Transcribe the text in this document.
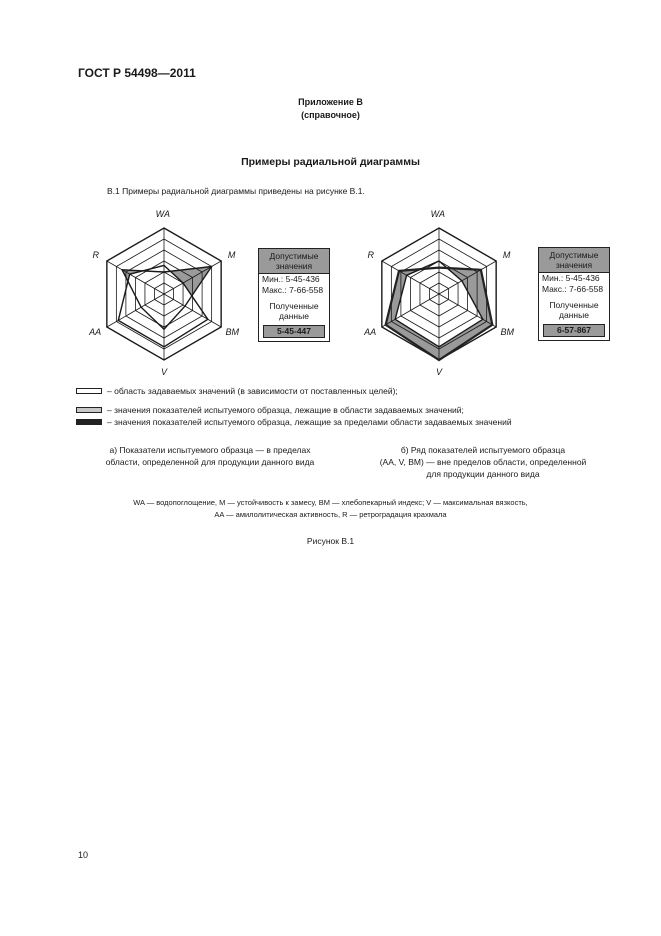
ГОСТ Р 54498—2011
Приложение В
(справочное)
Примеры радиальной диаграммы
В.1 Примеры радиальной диаграммы приведены на рисунке В.1.
WA
M
BM
V
AA
R	Допустимые значения
Мин.: 5-45-436
Макс.: 7-66-558
Полученные данные
5-45-447
WA
M
BM
V
AA
R	Допустимые значения
Мин.: 5-45-436
Макс.: 7-66-558
Полученные данные
6-57-867
– область задаваемых значений (в зависимости от поставленных целей);
– значения показателей испытуемого образца, лежащие в области задаваемых значений;
– значения показателей испытуемого образца, лежащие за пределами области задаваемых значений
а) Показатели испытуемого образца — в пределах
области, определенной для продукции данного вида
б) Ряд показателей испытуемого образца
(AA, V, BM) — вне пределов области, определенной
для продукции данного вида
WA — водопоглощение, M — устойчивость к замесу, BM — хлебопекарный индекс; V — максимальная вязкость,
AA — амилолитическая активность, R — ретроградация крахмала
Рисунок В.1
10
